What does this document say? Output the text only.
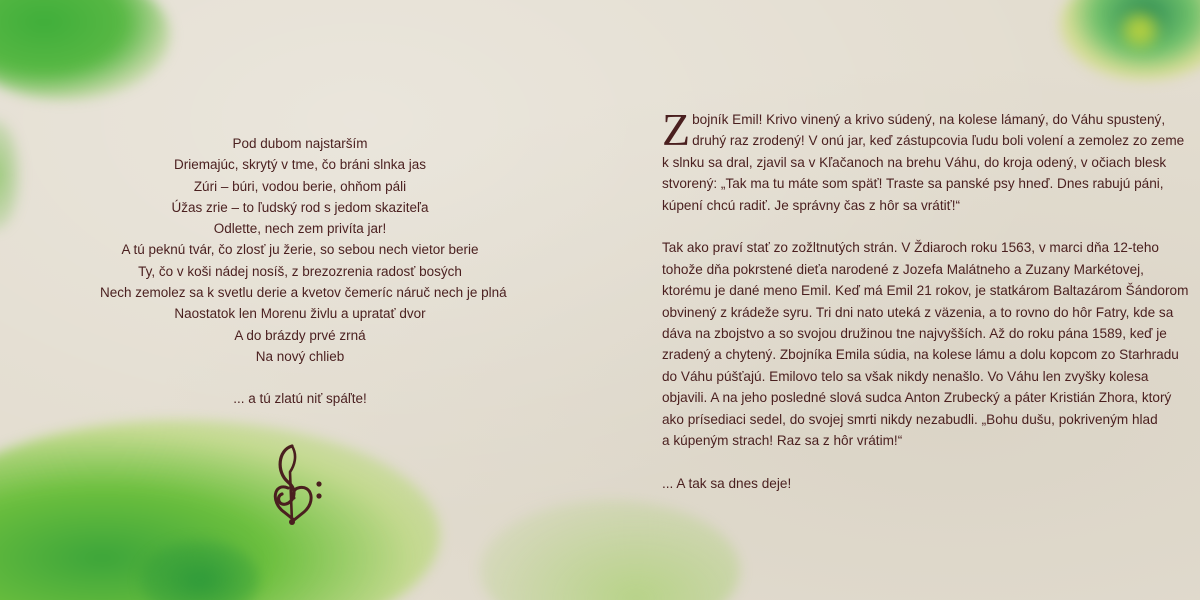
Pod dubom najstarším
Driemajúc, skrytý v tme, čo bráni slnka jas
Zúri – búri, vodou berie, ohňom páli
Úžas zrie – to ľudský rod s jedom skaziteľa
Odlette, nech zem privíta jar!
A tú peknú tvár, čo zlosť ju žerie, so sebou nech vietor berie
Ty, čo v koši nádej nosíš, z brezozrenia radosť bosých
Nech zemolez sa k svetlu derie a kvetov čemeríc náruč nech je plná
Naostatok len Morenu živlu a upratať dvor
A do brázdy prvé zrná
Na nový chlieb
... a tú zlatú niť spáľte!
Z bojník Emil! Krivo vinený a krivo súdený, na kolese lámaný, do Váhu spustený,
druhý raz zrodený! V onú jar, keď zástupcovia ľudu boli volení a zemolez zo zeme
k slnku sa dral, zjavil sa v Kľačanoch na brehu Váhu, do kroja odený, v očiach blesk
stvorený: „Tak ma tu máte som späť! Traste sa panské psy hneď. Dnes rabujú páni,
kúpení chcú radiť. Je správny čas z hôr sa vrátiť!“
Tak ako praví stať zo zožltnutých strán. V Ždiaroch roku 1563, v marci dňa 12-teho
tohože dňa pokrstené dieťa narodené z Jozefa Malátneho a Zuzany Markétovej,
ktorému je dané meno Emil. Keď má Emil 21 rokov, je statkárom Baltazárom Šándorom
obvinený z krádeže syru. Tri dni nato uteká z väzenia, a to rovno do hôr Fatry, kde sa
dáva na zbojstvo a so svojou družinou tne najvyšších. Až do roku pána 1589, keď je
zradený a chytený. Zbojníka Emila súdia, na kolese lámu a dolu kopcom zo Starhradu
do Váhu púšťajú. Emilovo telo sa však nikdy nenašlo. Vo Váhu len zvyšky kolesa
objavili. A na jeho posledné slová sudca Anton Zrubecký a páter Kristián Zhora, ktorý
ako prísediaci sedel, do svojej smrti nikdy nezabudli. „Bohu dušu, pokriveným hlad
a kúpeným strach! Raz sa z hôr vrátim!“
... A tak sa dnes deje!
